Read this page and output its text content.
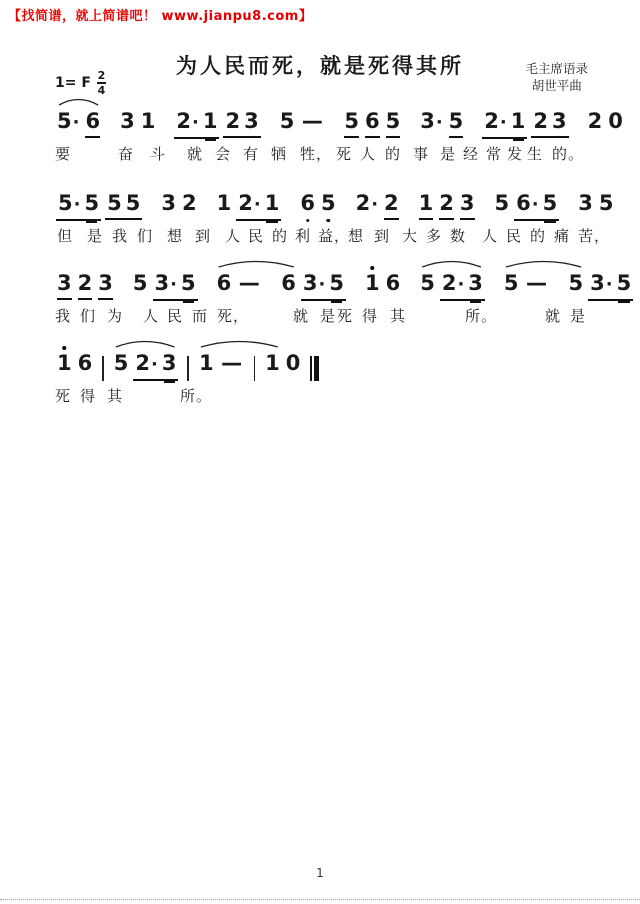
【找简谱，就上简谱吧！ www.jianpu8.com】
为人民而死，就是死得其所	毛主席语录
胡世平曲
1= F 2
4
5· 6 3 1 2· 1 2 3 5 — 5 6 5 3· 5 2· 1 2 3 2 0
要	奋 斗 就 会 有 牺 牲 ， 死 人 的 事 是 经 常 发 生 的 。
5· 5 5 5 3 2 1 2· 1 6 5 2· 2 1 2 3 5 6· 5 3 5
但 是 我 们 想 到 人 民 的 利 益 ，
想 到 大 多 数 人 民 的 痛 苦 ，
3 2 3 5 3· 5 6 — 6 3· 5 1 6 5 2· 3 5 — 5 3· 5
我 们 为 人 民 而 死 ，	就 是 死 得 其	所 。	就 是
1 6 5 2· 3 1 — 1 0
死 得 其	所 。
1
